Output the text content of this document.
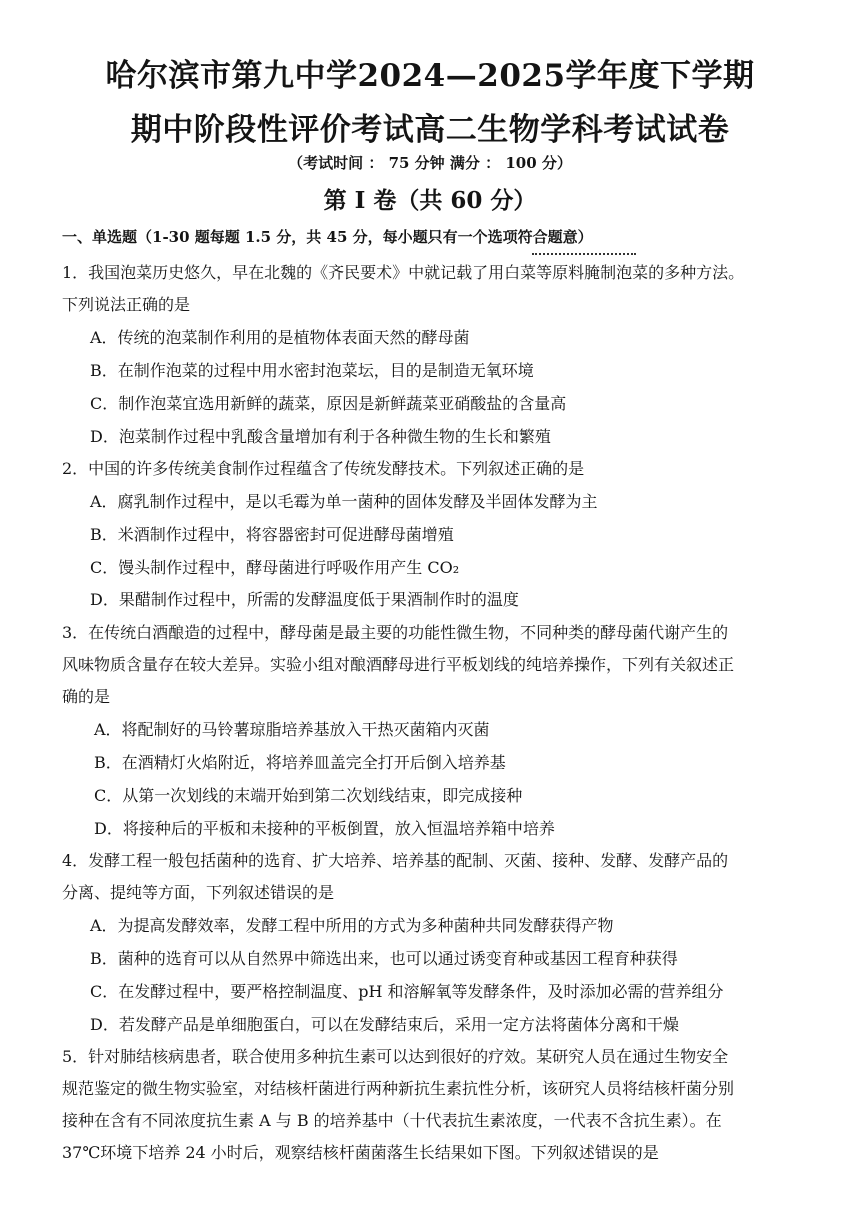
哈尔滨市第九中学2024—2025学年度下学期
期中阶段性评价考试高二生物学科考试试卷
（考试时间 ： 75 分钟 满分 ： 100 分）
第 I 卷（共 60 分）
一、单选题（1-30 题每题 1.5 分，共 45 分，每小题只有一个选项符合题意）
1．我国泡菜历史悠久，早在北魏的《齐民要术》中就记载了用白菜等原料腌制泡菜的多种方法。
下列说法正确的是
A．传统的泡菜制作利用的是植物体表面天然的酵母菌
B．在制作泡菜的过程中用水密封泡菜坛，目的是制造无氧环境
C．制作泡菜宜选用新鲜的蔬菜，原因是新鲜蔬菜亚硝酸盐的含量高
D．泡菜制作过程中乳酸含量增加有利于各种微生物的生长和繁殖
2．中国的许多传统美食制作过程蕴含了传统发酵技术。下列叙述正确的是
A．腐乳制作过程中，是以毛霉为单一菌种的固体发酵及半固体发酵为主
B．米酒制作过程中，将容器密封可促进酵母菌增殖
C．馒头制作过程中，酵母菌进行呼吸作用产生 CO₂
D．果醋制作过程中，所需的发酵温度低于果酒制作时的温度
3．在传统白酒酿造的过程中，酵母菌是最主要的功能性微生物，不同种类的酵母菌代谢产生的
风味物质含量存在较大差异。实验小组对酿酒酵母进行平板划线的纯培养操作，下列有关叙述正
确的是
A．将配制好的马铃薯琼脂培养基放入干热灭菌箱内灭菌
B．在酒精灯火焰附近，将培养皿盖完全打开后倒入培养基
C．从第一次划线的末端开始到第二次划线结束，即完成接种
D．将接种后的平板和未接种的平板倒置，放入恒温培养箱中培养
4．发酵工程一般包括菌种的选育、扩大培养、培养基的配制、灭菌、接种、发酵、发酵产品的
分离、提纯等方面，下列叙述错误的是
A．为提高发酵效率，发酵工程中所用的方式为多种菌种共同发酵获得产物
B．菌种的选育可以从自然界中筛选出来，也可以通过诱变育种或基因工程育种获得
C．在发酵过程中，要严格控制温度、pH 和溶解氧等发酵条件，及时添加必需的营养组分
D．若发酵产品是单细胞蛋白，可以在发酵结束后，采用一定方法将菌体分离和干燥
5．针对肺结核病患者，联合使用多种抗生素可以达到很好的疗效。某研究人员在通过生物安全
规范鉴定的微生物实验室，对结核杆菌进行两种新抗生素抗性分析，该研究人员将结核杆菌分别
接种在含有不同浓度抗生素 A 与 B 的培养基中（十代表抗生素浓度，一代表不含抗生素）。在
37℃环境下培养 24 小时后，观察结核杆菌菌落生长结果如下图。下列叙述错误的是
